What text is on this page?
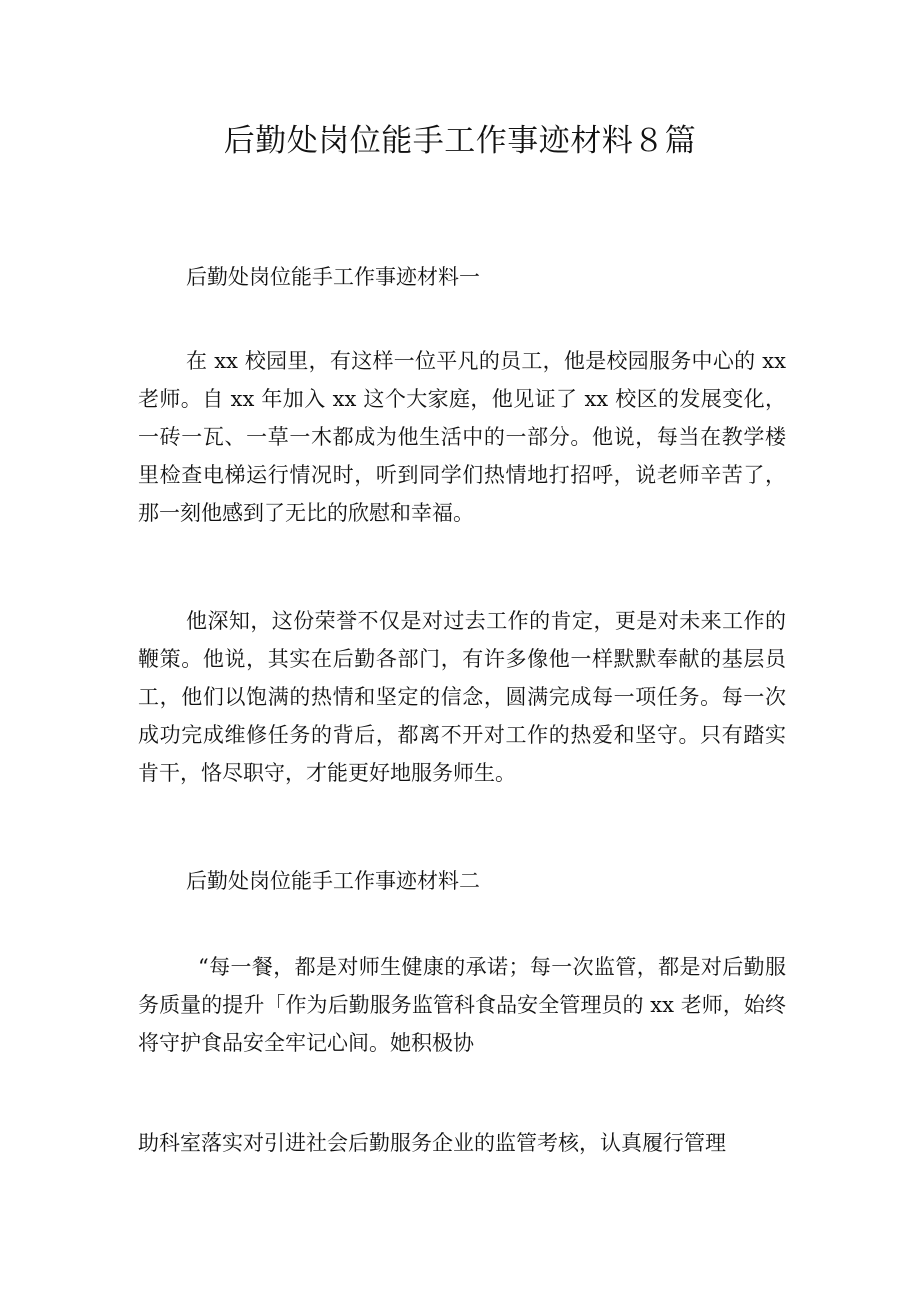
后勤处岗位能手工作事迹材料８篇

后勤处岗位能手工作事迹材料一

在 xx 校园里，有这样一位平凡的员工，他是校园服务中心的 xx 老师。自 xx 年加入 xx 这个大家庭，他见证了 xx 校区的发展变化，一砖一瓦、一草一木都成为他生活中的一部分。他说，每当在教学楼里检查电梯运行情况时，听到同学们热情地打招呼，说老师辛苦了，那一刻他感到了无比的欣慰和幸福。

他深知，这份荣誉不仅是对过去工作的肯定，更是对未来工作的鞭策。他说，其实在后勤各部门，有许多像他一样默默奉献的基层员工，他们以饱满的热情和坚定的信念，圆满完成每一项任务。每一次成功完成维修任务的背后，都离不开对工作的热爱和坚守。只有踏实肯干，恪尽职守，才能更好地服务师生。

后勤处岗位能手工作事迹材料二

“每一餐，都是对师生健康的承诺；每一次监管，都是对后勤服务质量的提升「作为后勤服务监管科食品安全管理员的 xx 老师，始终将守护食品安全牢记心间。她积极协

助科室落实对引进社会后勤服务企业的监管考核，认真履行管理
